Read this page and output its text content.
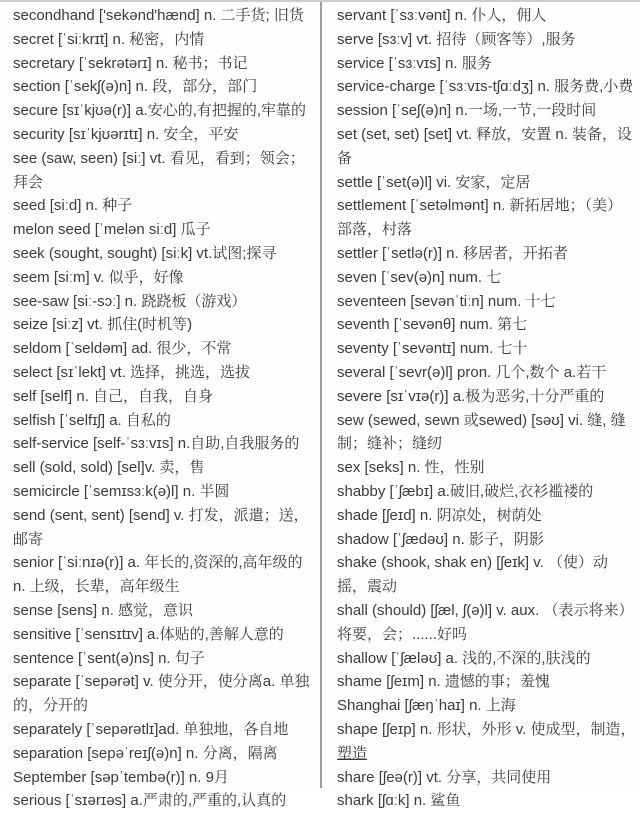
secondhand ['sekənd'hænd] n. 二手货; 旧货

secret [ˈsiːkrɪt] n. 秘密，内情

secretary [ˈsekrətərɪ] n. 秘书；书记

section [ˈsekʃ(ə)n] n. 段，部分，部门

secure [sɪˈkjʊə(r)] a.安心的,有把握的,牢靠的

security [sɪˈkjʊərɪtɪ] n. 安全，平安

see (saw, seen) [siː] vt. 看见，看到；领会；拜会

seed [siːd] n. 种子

melon seed [ˈmelən siːd] 瓜子

seek (sought, sought) [siːk] vt.试图;探寻

seem [siːm] v. 似乎，好像

see-saw [siː-sɔː] n. 跷跷板（游戏）

seize [siːz] vt. 抓住(时机等)

seldom [ˈseldəm] ad. 很少，不常

select [sɪˈlekt] vt. 选择，挑选，选拔

self [self] n. 自己，自我，自身

selfish [ˈselfɪʃ] a. 自私的

self-service [self-ˈsɜːvɪs] n.自助,自我服务的

sell (sold, sold) [sel]v. 卖，售

semicircle [ˈsemɪsɜːk(ə)l] n. 半圆

send (sent, sent) [send] v. 打发，派遣；送，邮寄

senior [ˈsiːnɪə(r)] a. 年长的,资深的,高年级的 n. 上级，长辈，高年级生

sense [sens] n. 感觉，意识

sensitive [ˈsensɪtɪv] a.体贴的,善解人意的

sentence [ˈsent(ə)ns] n. 句子

separate [ˈsepərət] v. 使分开，使分离a. 单独的，分开的

separately [ˈsepərətlɪ]ad. 单独地，各自地

separation [sepəˈreɪʃ(ə)n] n. 分离，隔离

September [səpˈtembə(r)] n. 9月

serious [ˈsɪərɪəs] a.严肃的,严重的,认真的

servant [ˈsɜːvənt] n. 仆人，佣人

serve [sɜːv] vt. 招待（顾客等）,服务

service [ˈsɜːvɪs] n. 服务

service-charge [ˈsɜːvɪs-tʃɑːdʒ] n. 服务费,小费

session [ˈseʃ(ə)n] n.一场,一节,一段时间

set (set, set) [set] vt. 释放，安置 n. 装备，设备

settle [ˈset(ə)l] vi. 安家，定居

settlement [ˈsetəlmənt] n. 新拓居地；（美）部落，村落

settler [ˈsetlə(r)] n. 移居者，开拓者

seven [ˈsev(ə)n] num. 七

seventeen [sevənˈtiːn] num. 十七

seventh [ˈsevənθ] num. 第七

seventy [ˈsevəntɪ] num. 七十

several [ˈsevr(ə)l] pron. 几个,数个 a.若干

severe [sɪˈvɪə(r)] a.极为恶劣,十分严重的

sew (sewed, sewn 或sewed) [səʊ] vi. 缝, 缝制；缝补；缝纫

sex [seks] n. 性，性别

shabby [ˈʃæbɪ] a.破旧,破烂,衣衫褴褛的

shade [ʃeɪd] n. 阴凉处，树荫处

shadow [ˈʃædəʊ] n. 影子，阴影

shake (shook, shak en) [ʃeɪk] v. （使）动摇，震动

shall (should) [ʃæl, ʃ(ə)l] v. aux. （表示将来）将要，会；......好吗

shallow [ˈʃæləʊ] a. 浅的,不深的,肤浅的

shame [ʃeɪm] n. 遗憾的事；羞愧

Shanghai [ʃæŋˈhaɪ] n. 上海

shape [ʃeɪp] n. 形状，外形 v. 使成型，制造，塑造

share [ʃeə(r)] vt. 分享，共同使用

shark [ʃɑːk] n. 鲨鱼
